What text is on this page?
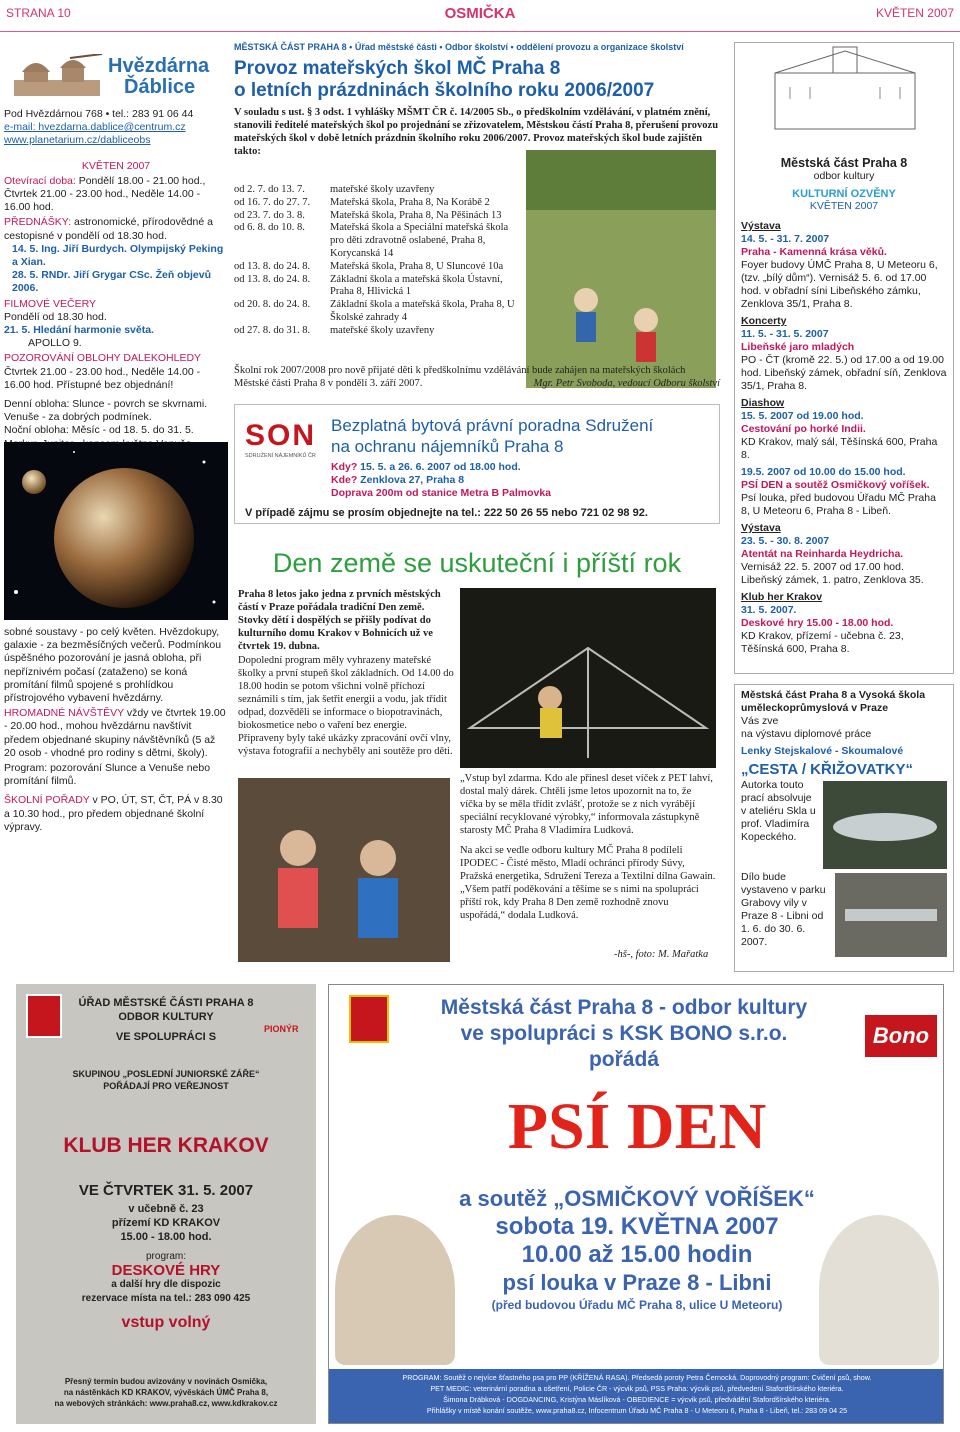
STRANA 10	OSMIČKA	KVĚTEN 2007
Hvězdárna
Ďáblice
Pod Hvězdárnou 768 • tel.: 283 91 06 44
e-mail: hvezdarna.dablice@centrum.cz
www.planetarium.cz/dabliceobs
KVĚTEN 2007
Otevírací doba: Pondělí 18.00 - 21.00 hod., Čtvrtek 21.00 - 23.00 hod., Neděle 14.00 - 16.00 hod.
PŘEDNÁŠKY: astronomické, přírodovědné a cestopisné v pondělí od 18.30 hod.
14. 5. Ing. Jiří Burdych. Olympijský Peking a Xian.
28. 5. RNDr. Jiří Grygar CSc. Žeň objevů 2006.
FILMOVÉ VEČERY
Pondělí od 18.30 hod.
21. 5. Hledání harmonie světa.
APOLLO 9.
POZOROVÁNÍ OBLOHY DALEKOHLEDY
Čtvrtek 21.00 - 23.00 hod., Neděle 14.00 - 16.00 hod. Přístupné bez objednání!
Denní obloha: Slunce - povrch se skvrnami. Venuše - za dobrých podmínek.
Noční obloha: Měsíc - od 18. 5. do 31. 5.
sobné soustavy - po celý květen. Hvězdokupy, galaxie - za bezměsíčných večerů. Podmínkou úspěšného pozorování je jasná obloha, při nepříznivém počasí (zataženo) se koná promítání filmů spojené s prohlídkou přístrojového vybavení hvězdárny.
HROMADNÉ NÁVŠTĚVY vždy ve čtvrtek 19.00 - 20.00 hod., mohou hvězdárnu navštívit předem objednané skupiny návštěvníků (5 až 20 osob - vhodné pro rodiny s dětmi, školy).
Program: pozorování Slunce a Venuše nebo promítání filmů.
ŠKOLNÍ POŘADY v PO, ÚT, ST, ČT, PÁ v 8.30 a 10.30 hod., pro předem objednané školní výpravy.
MĚSTSKÁ ČÁST PRAHA 8 • Úřad městské části • Odbor školství • oddělení provozu a organizace školství
Provoz mateřských škol MČ Praha 8
o letních prázdninách školního roku 2006/2007
V souladu s ust. § 3 odst. 1 vyhlášky MŠMT ČR č. 14/2005 Sb., o předškolním vzdělávání, v platném znění, stanovili ředitelé mateřských škol po projednání se zřizovatelem, Městskou částí Praha 8, přerušení provozu mateřských škol v době letních prázdnin školního roku 2006/2007. Provoz mateřských škol bude zajištěn takto:
od 2. 7. do 13. 7.	mateřské školy uzavřeny
od 16. 7. do 27. 7.	Mateřská škola, Praha 8, Na Korábě 2
od 23. 7. do 3. 8.	Mateřská škola, Praha 8, Na Pěšinách 13
od 6. 8. do 10. 8.	Mateřská škola a Speciální mateřská škola pro děti zdravotně oslabené, Praha 8, Korycanská 14
od 13. 8. do 24. 8.	Mateřská škola, Praha 8, U Sluncové 10a
od 13. 8. do 24. 8.	Základní škola a mateřská škola Ústavní, Praha 8, Hlivická 1
od 20. 8. do 24. 8.	Základní škola a mateřská škola, Praha 8, U Školské zahrady 4
od 27. 8. do 31. 8.	mateřské školy uzavřeny
Školní rok 2007/2008 pro nově přijaté děti k předškolnímu vzdělávání bude zahájen na mateřských školách Městské části Praha 8 v pondělí 3. září 2007.	Mgr. Petr Svoboda, vedoucí Odboru školství
SON
SDRUŽENÍ NÁJEMNÍKŮ ČR
Bezplatná bytová právní poradna Sdružení
na ochranu nájemníků Praha 8
Kdy? 15. 5. a 26. 6. 2007 od 18.00 hod.
Kde? Zenklova 27, Praha 8
Doprava 200m od stanice Metra B Palmovka
V případě zájmu se prosím objednejte na tel.: 222 50 26 55 nebo 721 02 98 92.
Den země se uskuteční i příští rok
Praha 8 letos jako jedna z prvních městských částí v Praze pořádala tradiční Den země. Stovky dětí i dospělých se přišly podívat do kulturního domu Krakov v Bohnicích už ve čtvrtek 19. dubna.
Dopolední program měly vyhrazeny mateřské školky a první stupeň škol základních. Od 14.00 do 18.00 hodin se potom všichni volně příchozí seznámili s tím, jak šetřit energii a vodu, jak třídit odpad, dozvěděli se informace o biopotravinách, biokosmetice nebo o vaření bez energie. Připraveny byly také ukázky zpracování ovčí vlny, výstava fotografií a nechyběly ani soutěže pro děti.
„Vstup byl zdarma. Kdo ale přinesl deset víček z PET lahví, dostal malý dárek. Chtěli jsme letos upozornit na to, že víčka by se měla třídit zvlášť, protože se z nich vyrábějí speciální recyklované výrobky,“ informovala zástupkyně starosty MČ Praha 8 Vladimíra Ludková.
Na akci se vedle odboru kultury MČ Praha 8 podíleli IPODEC - Čisté město, Mladí ochránci přírody Súvy, Pražská energetika, Sdružení Tereza a Textilní dílna Gawain. „Všem patří poděkování a těšíme se s nimi na spolupráci příští rok, kdy Praha 8 Den země rozhodně znovu uspořádá,“ dodala Ludková.
-hš-, foto: M. Mařatka
Městská část Praha 8
odbor kultury
KULTURNÍ OZVĚNY
KVĚTEN 2007
Výstava
14. 5. - 31. 7. 2007
Praha - Kamenná krása věků.
Foyer budovy ÚMČ Praha 8, U Meteoru 6, (tzv. „bílý dům“). Vernisáž 5. 6. od 17.00 hod. v obřadní síni Libeňského zámku, Zenklova 35/1, Praha 8.
Koncerty
11. 5. - 31. 5. 2007
Libeňské jaro mladých
PO - ČT (kromě 22. 5.) od 17.00 a od 19.00 hod. Libeňský zámek, obřadní síň, Zenklova 35/1, Praha 8.
Diashow
15. 5. 2007 od 19.00 hod.
Cestování po horké Indii.
KD Krakov, malý sál, Těšínská 600, Praha 8.
19.5. 2007 od 10.00 do 15.00 hod.
PSÍ DEN a soutěž Osmičkový voříšek.
Psí louka, před budovou Úřadu MČ Praha 8, U Meteoru 6, Praha 8 - Libeň.
Výstava
23. 5. - 30. 8. 2007
Atentát na Reinharda Heydricha.
Vernisáž 22. 5. 2007 od 17.00 hod. Libeňský zámek, 1. patro, Zenklova 35.
Klub her Krakov
31. 5. 2007.
Deskové hry 15.00 - 18.00 hod.
KD Krakov, přízemí - učebna č. 23, Těšínská 600, Praha 8.
Městská část Praha 8 a Vysoká škola uměleckoprůmyslová v Praze
Vás zve
na výstavu diplomové práce
Lenky Stejskalové - Skoumalové
„CESTA / KŘIŽOVATKY“
Autorka touto prací absolvuje v ateliéru Skla u prof. Vladimíra Kopeckého.
Dílo bude vystaveno v parku Grabovy vily v Praze 8 - Libni od 1. 6. do 30. 6. 2007.
ÚŘAD MĚSTSKÉ ČÁSTI PRAHA 8
ODBOR KULTURY
VE SPOLUPRÁCI S
PIONÝR
SKUPINOU „POSLEDNÍ JUNIORSKÉ ZÁŘE“
POŘÁDAJÍ PRO VEŘEJNOST
KLUB HER KRAKOV
VE ČTVRTEK 31. 5. 2007
v učebně č. 23
přízemí KD KRAKOV
15.00 - 18.00 hod.
program:
DESKOVÉ HRY
a další hry dle dispozic
rezervace místa na tel.: 283 090 425
vstup volný
Přesný termín budou avizovány v novinách Osmička,
na nástěnkách KD KRAKOV, vývěskách ÚMČ Praha 8,
na webových stránkách: www.praha8.cz, www.kdkrakov.cz
Městská část Praha 8 - odbor kultury
ve spolupráci s KSK BONO s.r.o.
pořádá
Bono
PSÍ DEN
a soutěž „OSMIČKOVÝ VOŘÍŠEK“
sobota 19. KVĚTNA 2007
10.00 až 15.00 hodin
psí louka v Praze 8 - Libni
(před budovou Úřadu MČ Praha 8, ulice U Meteoru)
PROGRAM: Soutěž o nejvíce šťastného psa pro PP (KŘÍŽENÁ RASA). Předsedá poroty Petra Černocká. Doprovodný program: Cvičení psů, show.
PET MEDIC: veterinární poradna a ošetření, Policie ČR - výcvik psů, PSS Praha: výcvik psů, předvedení Stafordšírského kteriéra.
Šimona Drábková - DOGDANCING, Kristýna Máslíková - OBEDIENCE = výcvik psů, předvádění Stafordšírského kteriéra.
Přihlášky v místě konání soutěže, www.praha8.cz, Infocentrum Úřadu MČ Praha 8 - U Meteoru 6, Praha 8 - Libeň, tel.: 283 09 04 25
